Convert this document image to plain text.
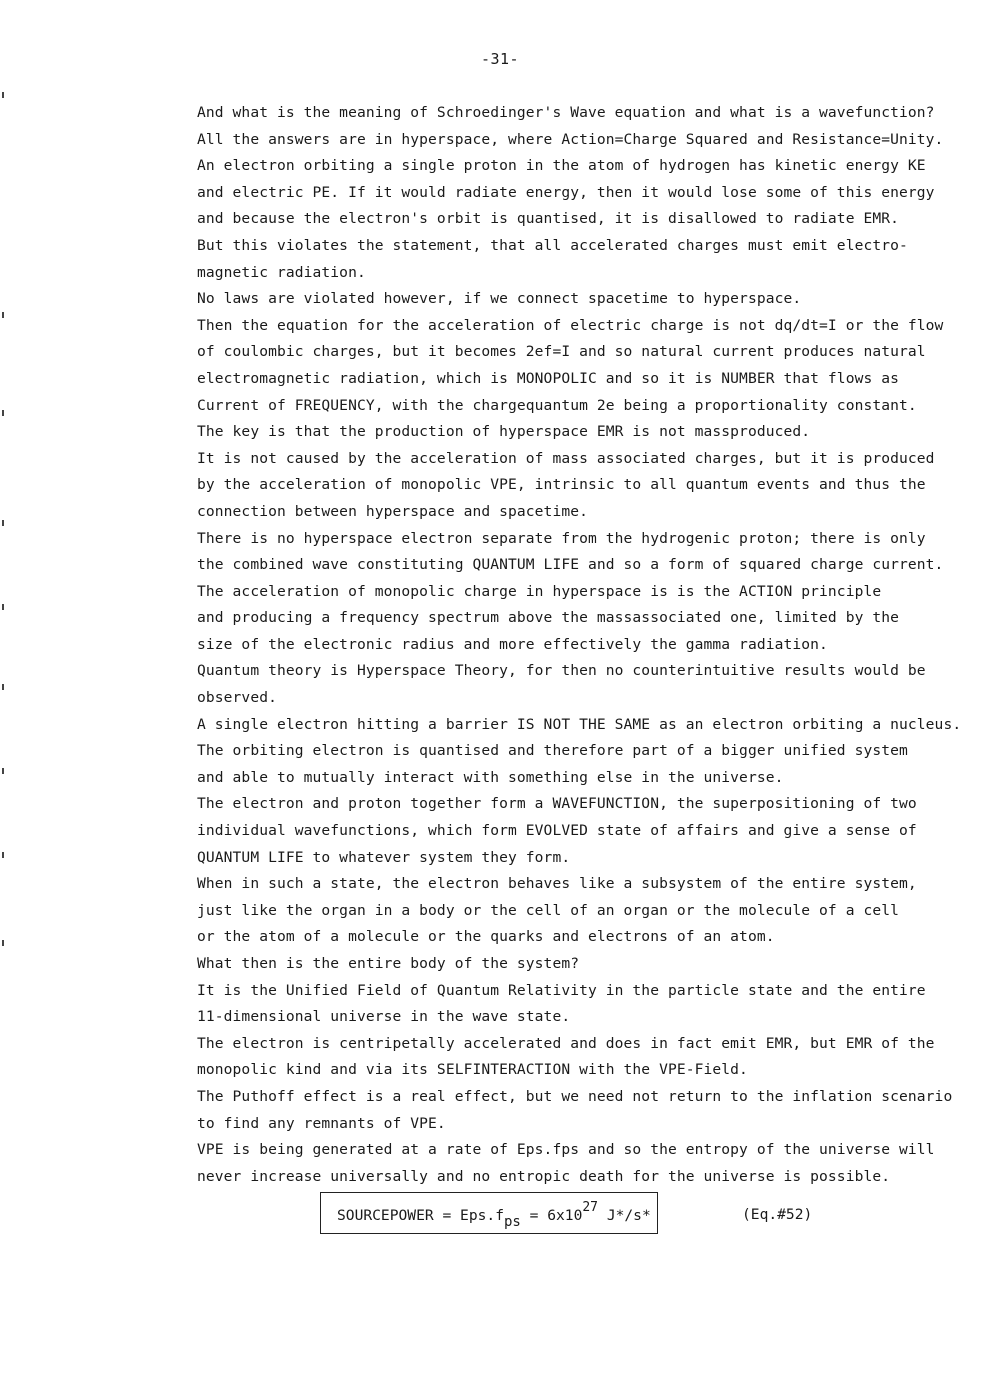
-31-
And what is the meaning of Schroedinger's Wave equation and what is a wavefunction?
All the answers are in hyperspace, where Action=Charge Squared and Resistance=Unity.
An electron orbiting a single proton in the atom of hydrogen has kinetic energy KE
and electric PE. If it would radiate energy, then it would lose some of this energy
and because the electron's orbit is quantised, it is disallowed to radiate EMR.
But this violates the statement, that all accelerated charges must emit electro-
magnetic radiation.
No laws are violated however, if we connect spacetime to hyperspace.
Then the equation for the acceleration of electric charge is not dq/dt=I or the flow
of coulombic charges, but it becomes 2ef=I and so natural current produces natural
electromagnetic radiation, which is MONOPOLIC and so it is NUMBER that flows as
Current of FREQUENCY, with the chargequantum 2e being a proportionality constant.
The key is that the production of hyperspace EMR is not massproduced.
It is not caused by the acceleration of mass associated charges, but it is produced
by the acceleration of monopolic VPE, intrinsic to all quantum events and thus the
connection between hyperspace and spacetime.
There is no hyperspace electron separate from the hydrogenic proton; there is only
the combined wave constituting QUANTUM LIFE and so a form of squared charge current.
The acceleration of monopolic charge in hyperspace is is the ACTION principle
and producing a frequency spectrum above the massassociated one, limited by the
size of the electronic radius and more effectively the gamma radiation.
Quantum theory is Hyperspace Theory, for then no counterintuitive results would be
observed.
A single electron hitting a barrier IS NOT THE SAME as an electron orbiting a nucleus.
The orbiting electron is quantised and therefore part of a bigger unified system
and able to mutually interact with something else in the universe.
The electron and proton together form a WAVEFUNCTION, the superpositioning of two
individual wavefunctions, which form EVOLVED state of affairs and give a sense of
QUANTUM LIFE to whatever system they form.
When in such a state, the electron behaves like a subsystem of the entire system,
just like the organ in a body or the cell of an organ or the molecule of a cell
or the atom of a molecule or the quarks and electrons of an atom.
What then is the entire body of the system?
It is the Unified Field of Quantum Relativity in the particle state and the entire
11-dimensional universe in the wave state.
The electron is centripetally accelerated and does in fact emit EMR, but EMR of the
monopolic kind and via its SELFINTERACTION with the VPE-Field.
The Puthoff effect is a real effect, but we need not return to the inflation scenario
to find any remnants of VPE.
VPE is being generated at a rate of Eps.fps and so the entropy of the universe will
never increase universally and no entropic death for the universe is possible.
SOURCEPOWER = $Eps.f_{ps} = 6x10^{27}$ J*/s*	(Eq.#52)
